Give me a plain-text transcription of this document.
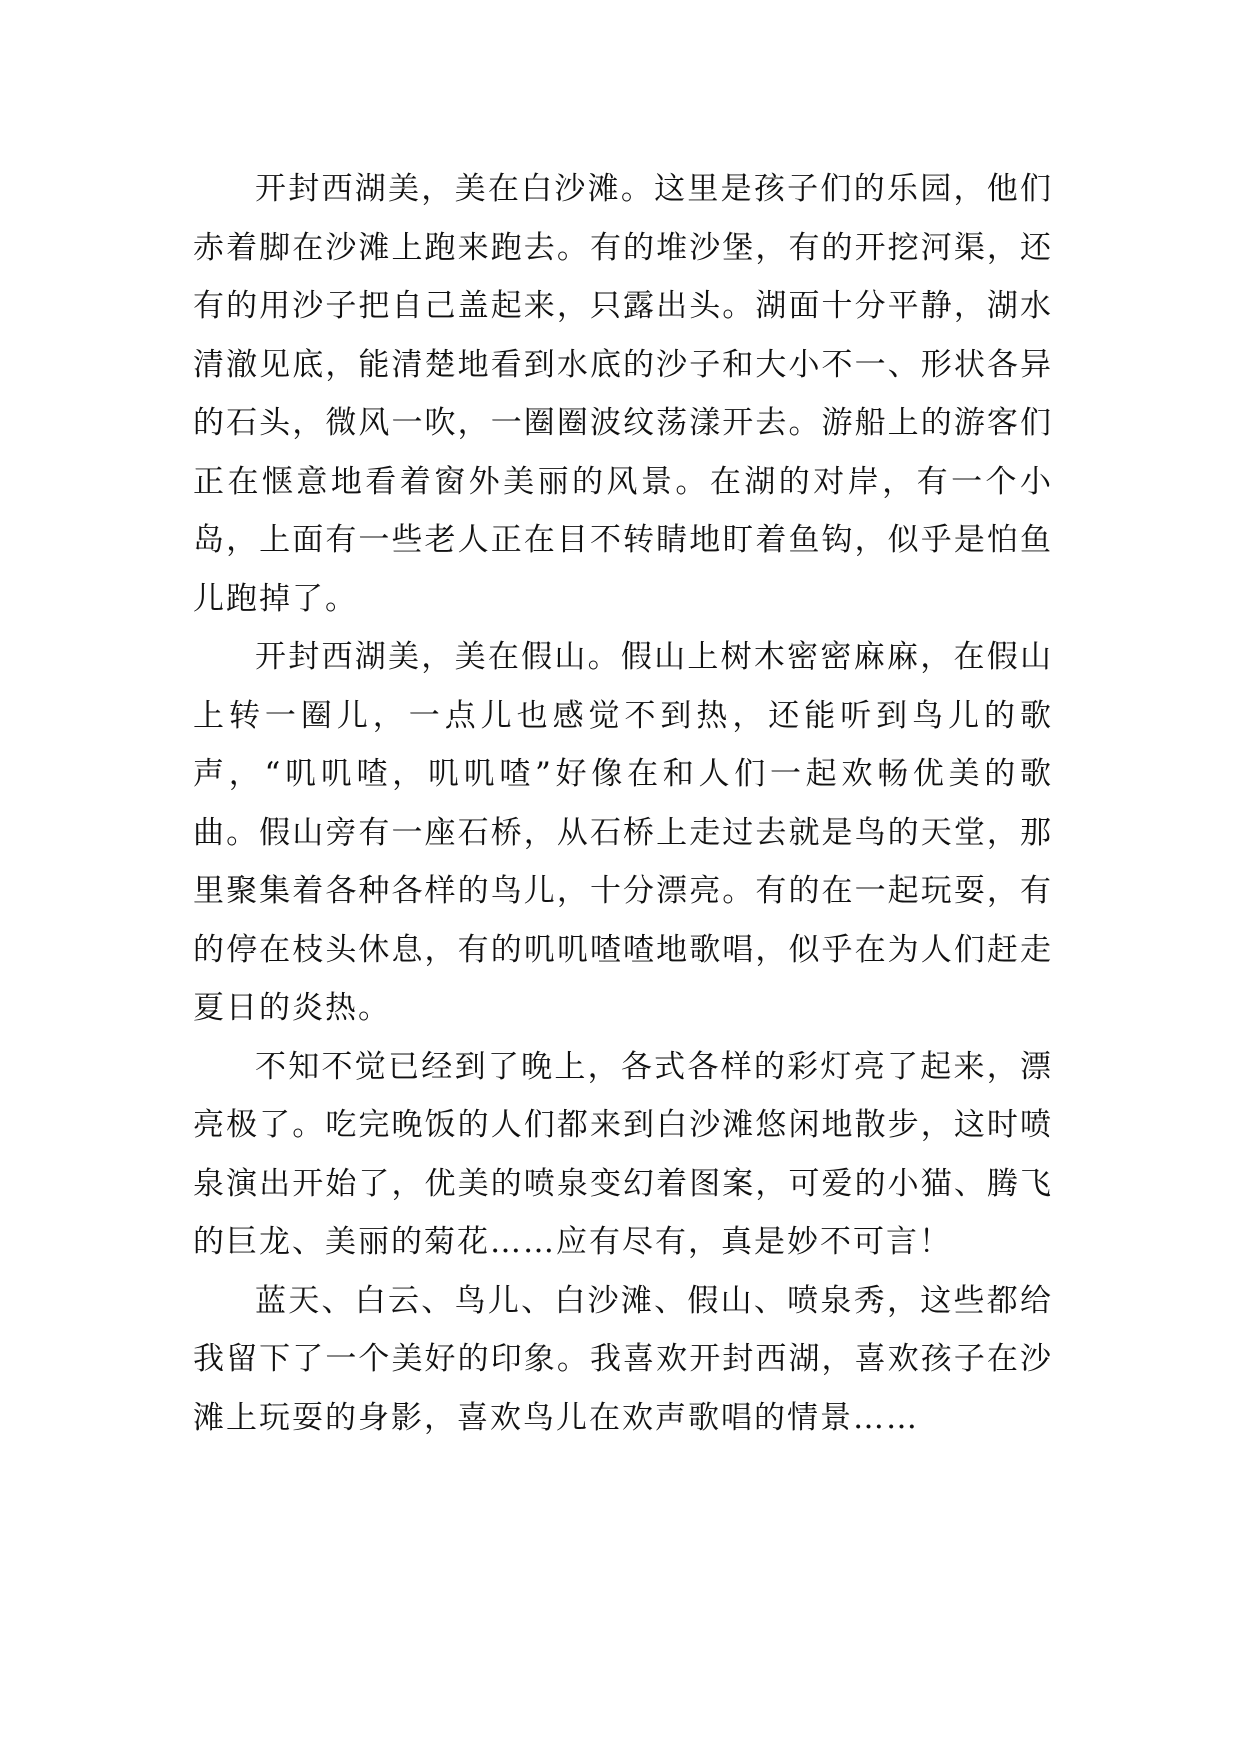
开封西湖美，美在白沙滩。这里是孩子们的乐园，他们赤着脚在沙滩上跑来跑去。有的堆沙堡，有的开挖河渠，还有的用沙子把自己盖起来，只露出头。湖面十分平静，湖水清澈见底，能清楚地看到水底的沙子和大小不一、形状各异的石头，微风一吹，一圈圈波纹荡漾开去。游船上的游客们正在惬意地看着窗外美丽的风景。在湖的对岸，有一个小岛，上面有一些老人正在目不转睛地盯着鱼钩，似乎是怕鱼儿跑掉了。

开封西湖美，美在假山。假山上树木密密麻麻，在假山上转一圈儿，一点儿也感觉不到热，还能听到鸟儿的歌声，“叽叽喳，叽叽喳”好像在和人们一起欢畅优美的歌曲。假山旁有一座石桥，从石桥上走过去就是鸟的天堂，那里聚集着各种各样的鸟儿，十分漂亮。有的在一起玩耍，有的停在枝头休息，有的叽叽喳喳地歌唱，似乎在为人们赶走夏日的炎热。

不知不觉已经到了晚上，各式各样的彩灯亮了起来，漂亮极了。吃完晚饭的人们都来到白沙滩悠闲地散步，这时喷泉演出开始了，优美的喷泉变幻着图案，可爱的小猫、腾飞的巨龙、美丽的菊花……应有尽有，真是妙不可言！

蓝天、白云、鸟儿、白沙滩、假山、喷泉秀，这些都给我留下了一个美好的印象。我喜欢开封西湖，喜欢孩子在沙滩上玩耍的身影，喜欢鸟儿在欢声歌唱的情景……
